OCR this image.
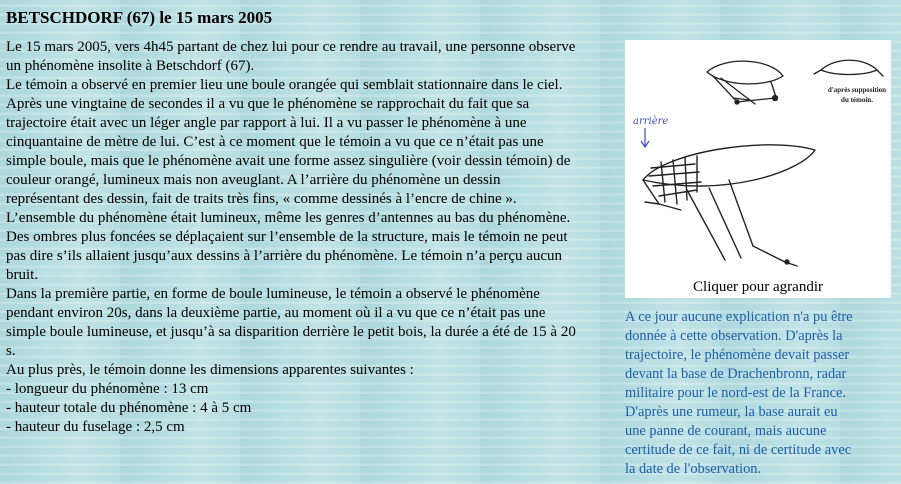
BETSCHDORF (67) le 15 mars 2005
Le 15 mars 2005, vers 4h45 partant de chez lui pour ce rendre au travail, une personne observe
un phénomène insolite à Betschdorf (67).
Le témoin a observé en premier lieu une boule orangée qui semblait stationnaire dans le ciel.
Après une vingtaine de secondes il a vu que le phénomène se rapprochait du fait que sa
trajectoire était avec un léger angle par rapport à lui. Il a vu passer le phénomène à une
cinquantaine de mètre de lui. C’est à ce moment que le témoin a vu que ce n’était pas une
simple boule, mais que le phénomène avait une forme assez singulière (voir dessin témoin) de
couleur orangé, lumineux mais non aveuglant. A l’arrière du phénomène un dessin
représentant des dessin, fait de traits très fins, « comme dessinés à l’encre de chine ».
L’ensemble du phénomène était lumineux, même les genres d’antennes au bas du phénomène.
Des ombres plus foncées se déplaçaient sur l’ensemble de la structure, mais le témoin ne peut
pas dire s’ils allaient jusqu’aux dessins à l’arrière du phénomène. Le témoin n’a perçu aucun
bruit.
Dans la première partie, en forme de boule lumineuse, le témoin a observé le phénomène
pendant environ 20s, dans la deuxième partie, au moment où il a vu que ce n’était pas une
simple boule lumineuse, et jusqu’à sa disparition derrière le petit bois, la durée a été de 15 à 20
s.
Au plus près, le témoin donne les dimensions apparentes suivantes :
- longueur du phénomène : 13 cm
- hauteur totale du phénomène : 4 à 5 cm
- hauteur du fuselage : 2,5 cm
d'après supposition
du témoin.
arrière
Cliquer pour agrandir
A ce jour aucune explication n'a pu être
donnée à cette observation. D'après la
trajectoire, le phénomène devait passer
devant la base de Drachenbronn, radar
militaire pour le nord-est de la France.
D'après une rumeur, la base aurait eu
une panne de courant, mais aucune
certitude de ce fait, ni de certitude avec
la date de l'observation.
